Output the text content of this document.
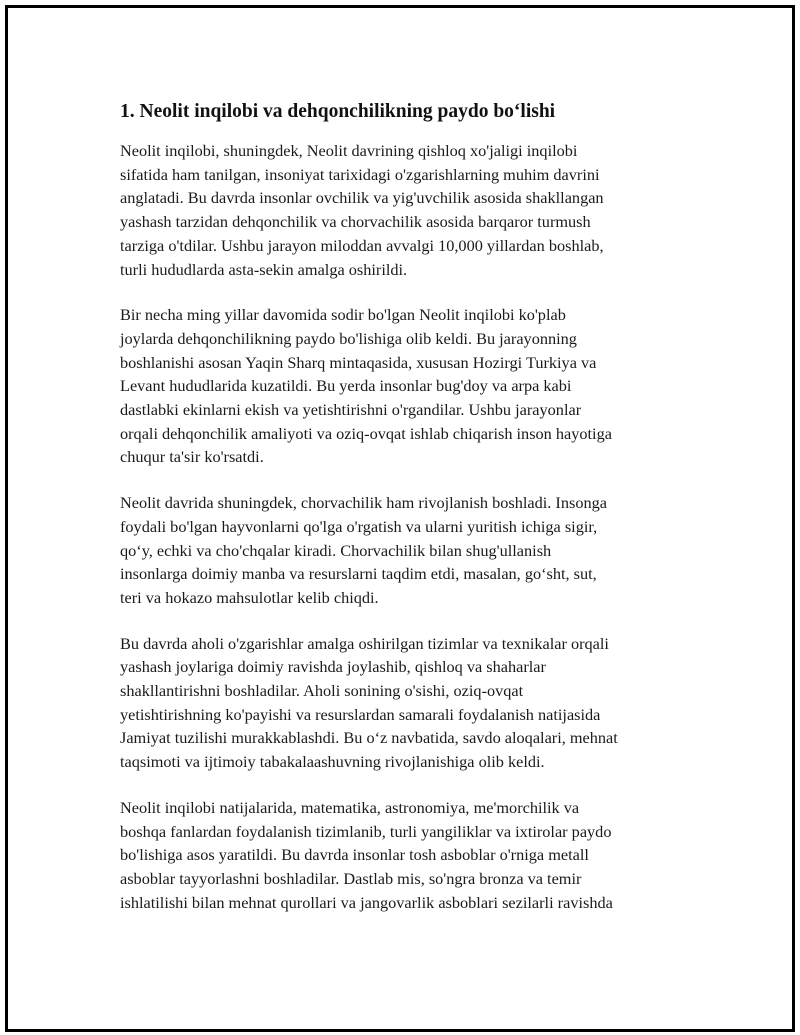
1. Neolit inqilobi va dehqonchilikning paydo bo‘lishi

Neolit inqilobi, shuningdek, Neolit davrining qishloq xo'jaligi inqilobi
sifatida ham tanilgan, insoniyat tarixidagi o'zgarishlarning muhim davrini
anglatadi. Bu davrda insonlar ovchilik va yig'uvchilik asosida shakllangan
yashash tarzidan dehqonchilik va chorvachilik asosida barqaror turmush
tarziga o'tdilar. Ushbu jarayon miloddan avvalgi 10,000 yillardan boshlab,
turli hududlarda asta-sekin amalga oshirildi.

Bir necha ming yillar davomida sodir bo'lgan Neolit inqilobi ko'plab
joylarda dehqonchilikning paydo bo'lishiga olib keldi. Bu jarayonning
boshlanishi asosan Yaqin Sharq mintaqasida, xususan Hozirgi Turkiya va
Levant hududlarida kuzatildi. Bu yerda insonlar bug'doy va arpa kabi
dastlabki ekinlarni ekish va yetishtirishni o'rgandilar. Ushbu jarayonlar
orqali dehqonchilik amaliyoti va oziq-ovqat ishlab chiqarish inson hayotiga
chuqur ta'sir ko'rsatdi.

Neolit davrida shuningdek, chorvachilik ham rivojlanish boshladi. Insonga
foydali bo'lgan hayvonlarni qo'lga o'rgatish va ularni yuritish ichiga sigir,
qo‘y, echki va cho'chqalar kiradi. Chorvachilik bilan shug'ullanish
insonlarga doimiy manba va resurslarni taqdim etdi, masalan, go‘sht, sut,
teri va hokazo mahsulotlar kelib chiqdi.

Bu davrda aholi o'zgarishlar amalga oshirilgan tizimlar va texnikalar orqali
yashash joylariga doimiy ravishda joylashib, qishloq va shaharlar
shakllantirishni boshladilar. Aholi sonining o'sishi, oziq-ovqat
yetishtirishning ko'payishi va resurslardan samarali foydalanish natijasida
Jamiyat tuzilishi murakkablashdi. Bu o‘z navbatida, savdo aloqalari, mehnat
taqsimoti va ijtimoiy tabakalaashuvning rivojlanishiga olib keldi.

Neolit inqilobi natijalarida, matematika, astronomiya, me'morchilik va
boshqa fanlardan foydalanish tizimlanib, turli yangiliklar va ixtirolar paydo
bo'lishiga asos yaratildi. Bu davrda insonlar tosh asboblar o'rniga metall
asboblar tayyorlashni boshladilar. Dastlab mis, so'ngra bronza va temir
ishlatilishi bilan mehnat qurollari va jangovarlik asboblari sezilarli ravishda
